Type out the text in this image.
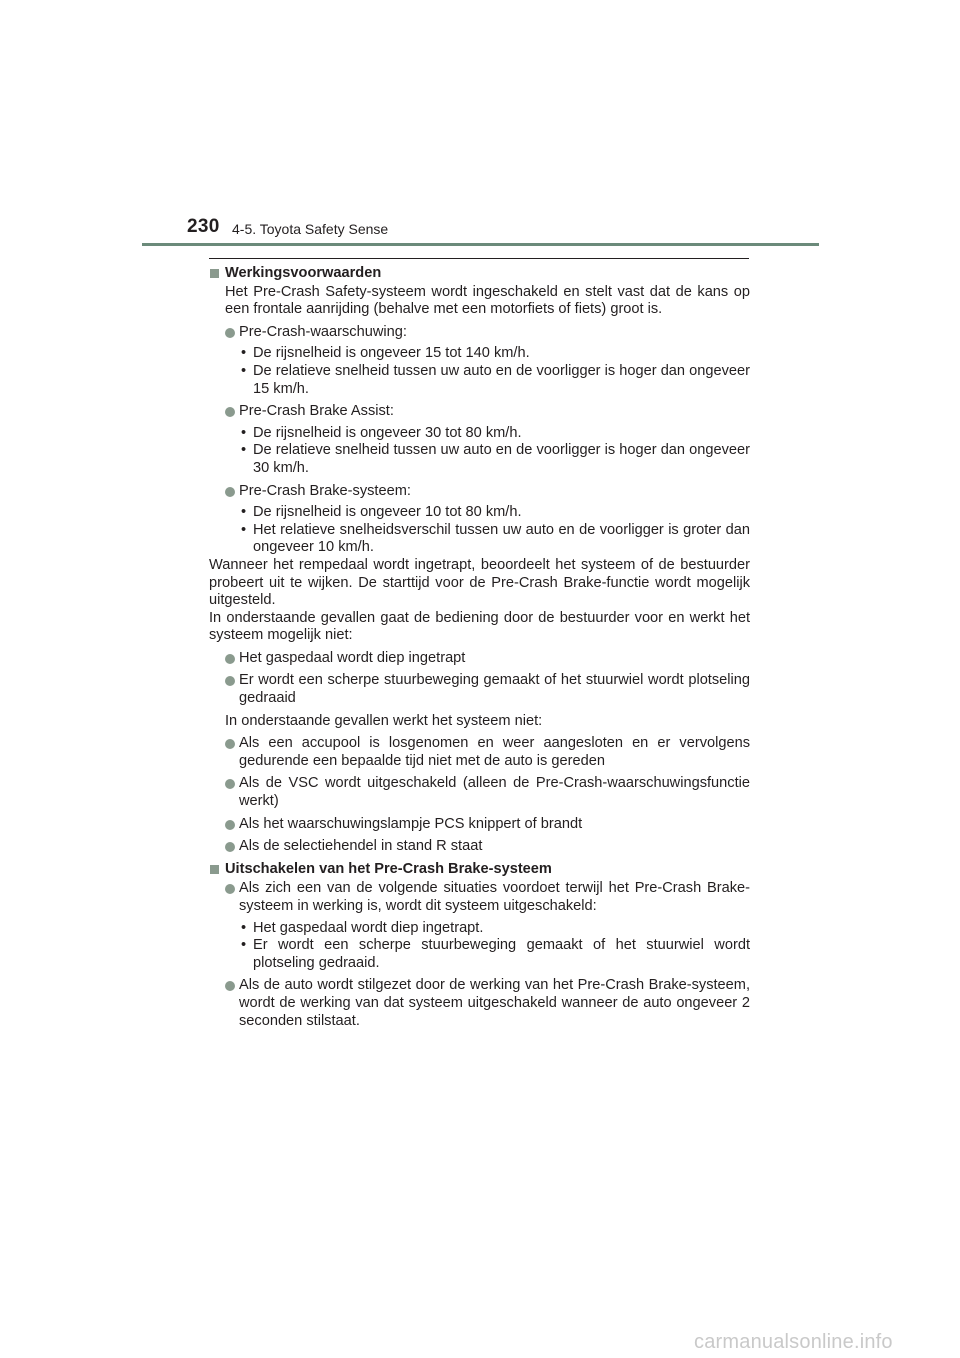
230 4-5. Toyota Safety Sense
Werkingsvoorwaarden
Het Pre-Crash Safety-systeem wordt ingeschakeld en stelt vast dat de kans op een frontale aanrijding (behalve met een motorfiets of fiets) groot is.
Pre-Crash-waarschuwing:
• De rijsnelheid is ongeveer 15 tot 140 km/h.
• De relatieve snelheid tussen uw auto en de voorligger is hoger dan ongeveer 15 km/h.
Pre-Crash Brake Assist:
• De rijsnelheid is ongeveer 30 tot 80 km/h.
• De relatieve snelheid tussen uw auto en de voorligger is hoger dan ongeveer 30 km/h.
Pre-Crash Brake-systeem:
• De rijsnelheid is ongeveer 10 tot 80 km/h.
• Het relatieve snelheidsverschil tussen uw auto en de voorligger is groter dan ongeveer 10 km/h.
Wanneer het rempedaal wordt ingetrapt, beoordeelt het systeem of de bestuurder probeert uit te wijken. De starttijd voor de Pre-Crash Brake-functie wordt mogelijk uitgesteld.
In onderstaande gevallen gaat de bediening door de bestuurder voor en werkt het systeem mogelijk niet:
Het gaspedaal wordt diep ingetrapt
Er wordt een scherpe stuurbeweging gemaakt of het stuurwiel wordt plotseling gedraaid
In onderstaande gevallen werkt het systeem niet:
Als een accupool is losgenomen en weer aangesloten en er vervolgens gedurende een bepaalde tijd niet met de auto is gereden
Als de VSC wordt uitgeschakeld (alleen de Pre-Crash-waarschuwingsfunctie werkt)
Als het waarschuwingslampje PCS knippert of brandt
Als de selectiehendel in stand R staat
Uitschakelen van het Pre-Crash Brake-systeem
Als zich een van de volgende situaties voordoet terwijl het Pre-Crash Brake-systeem in werking is, wordt dit systeem uitgeschakeld:
• Het gaspedaal wordt diep ingetrapt.
• Er wordt een scherpe stuurbeweging gemaakt of het stuurwiel wordt plotseling gedraaid.
Als de auto wordt stilgezet door de werking van het Pre-Crash Brake-systeem, wordt de werking van dat systeem uitgeschakeld wanneer de auto ongeveer 2 seconden stilstaat.
carmanualsonline.info
